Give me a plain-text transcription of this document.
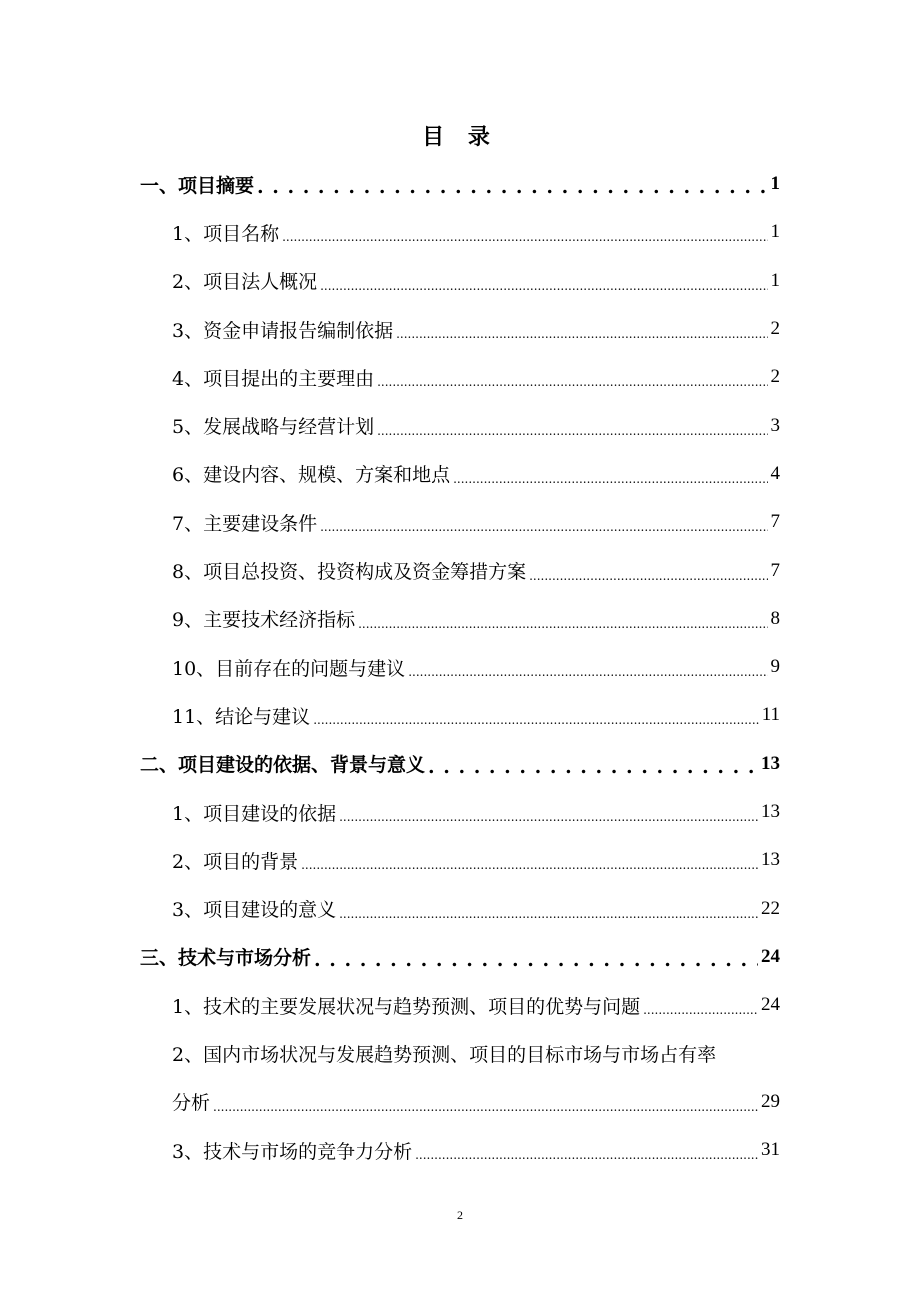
目 录
一、项目摘要 . . .	1
1、项目名称 .....	1
2、项目法人概况 .....	1
3、资金申请报告编制依据 .....	2
4、项目提出的主要理由 .....	2
5、发展战略与经营计划 .....	3
6、建设内容、规模、方案和地点 .....	4
7、主要建设条件 .....	7
8、项目总投资、投资构成及资金筹措方案 .....	7
9、主要技术经济指标 .....	8
10、目前存在的问题与建议 .....	9
11、结论与建议 .....	11
二、项目建设的依据、背景与意义 . . .	13
1、项目建设的依据 .....	13
2、项目的背景 .....	13
3、项目建设的意义 .....	22
三、技术与市场分析 . . .	24
1、技术的主要发展状况与趋势预测、项目的优势与问题 .....	24
2、国内市场状况与发展趋势预测、项目的目标市场与市场占有率
分析 .....	29
3、技术与市场的竞争力分析 .....	31
2
